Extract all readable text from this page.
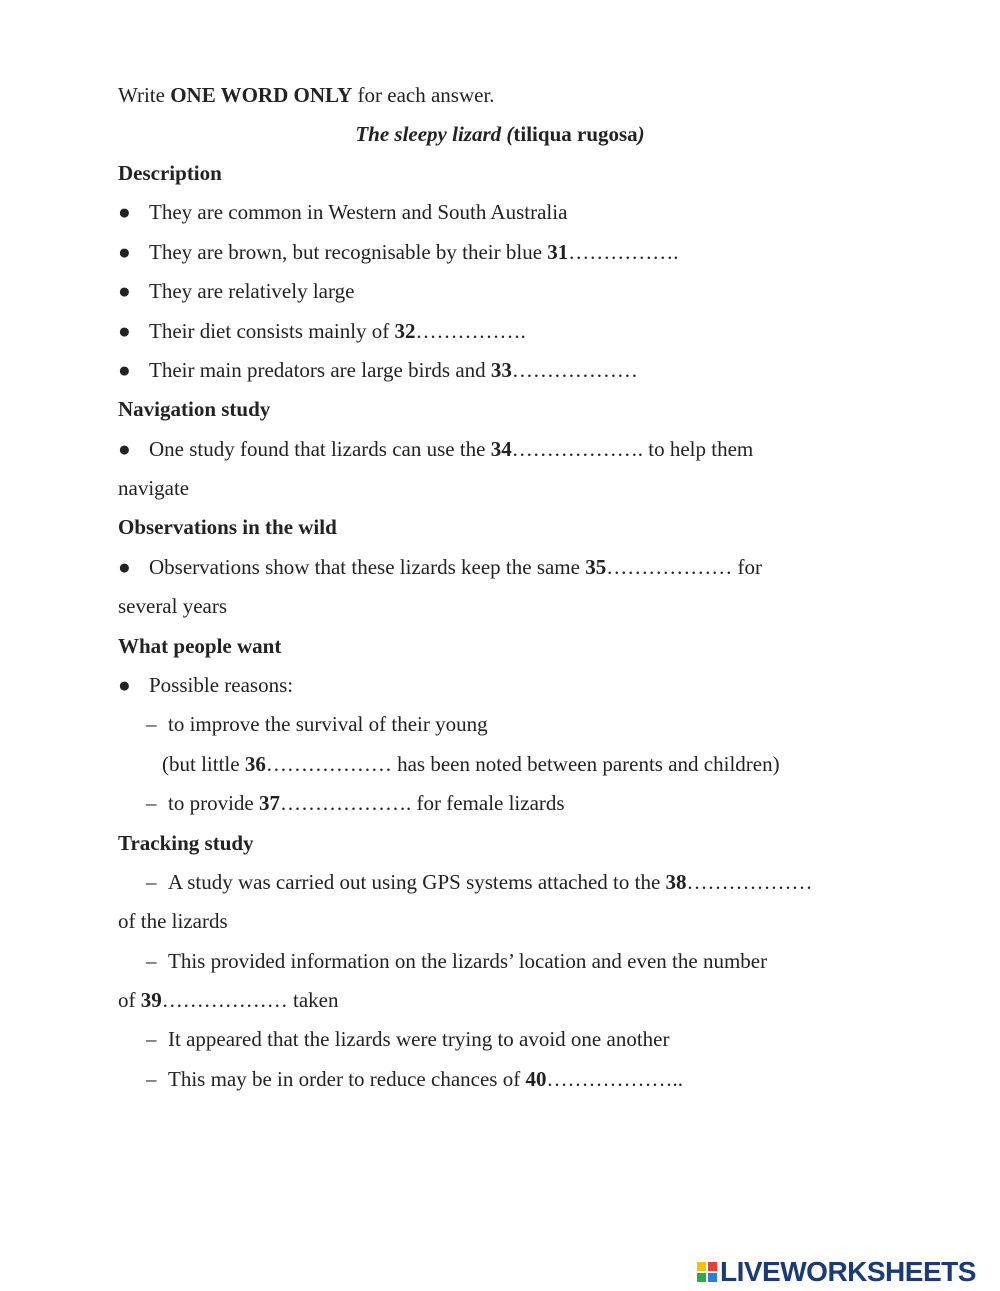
Write ONE WORD ONLY for each answer.
The sleepy lizard (tiliqua rugosa)
Description
● They are common in Western and South Australia
● They are brown, but recognisable by their blue 31…………….
● They are relatively large
● Their diet consists mainly of 32…………….
● Their main predators are large birds and 33………………
Navigation study
● One study found that lizards can use the 34………………. to help them
navigate
Observations in the wild
● Observations show that these lizards keep the same 35……………… for
several years
What people want
● Possible reasons:
– to improve the survival of their young
(but little 36……………… has been noted between parents and children)
– to provide 37………………. for female lizards
Tracking study
– A study was carried out using GPS systems attached to the 38………………
of the lizards
– This provided information on the lizards’ location and even the number
of 39……………… taken
– It appeared that the lizards were trying to avoid one another
– This may be in order to reduce chances of 40………………..
LIVEWORKSHEETS
